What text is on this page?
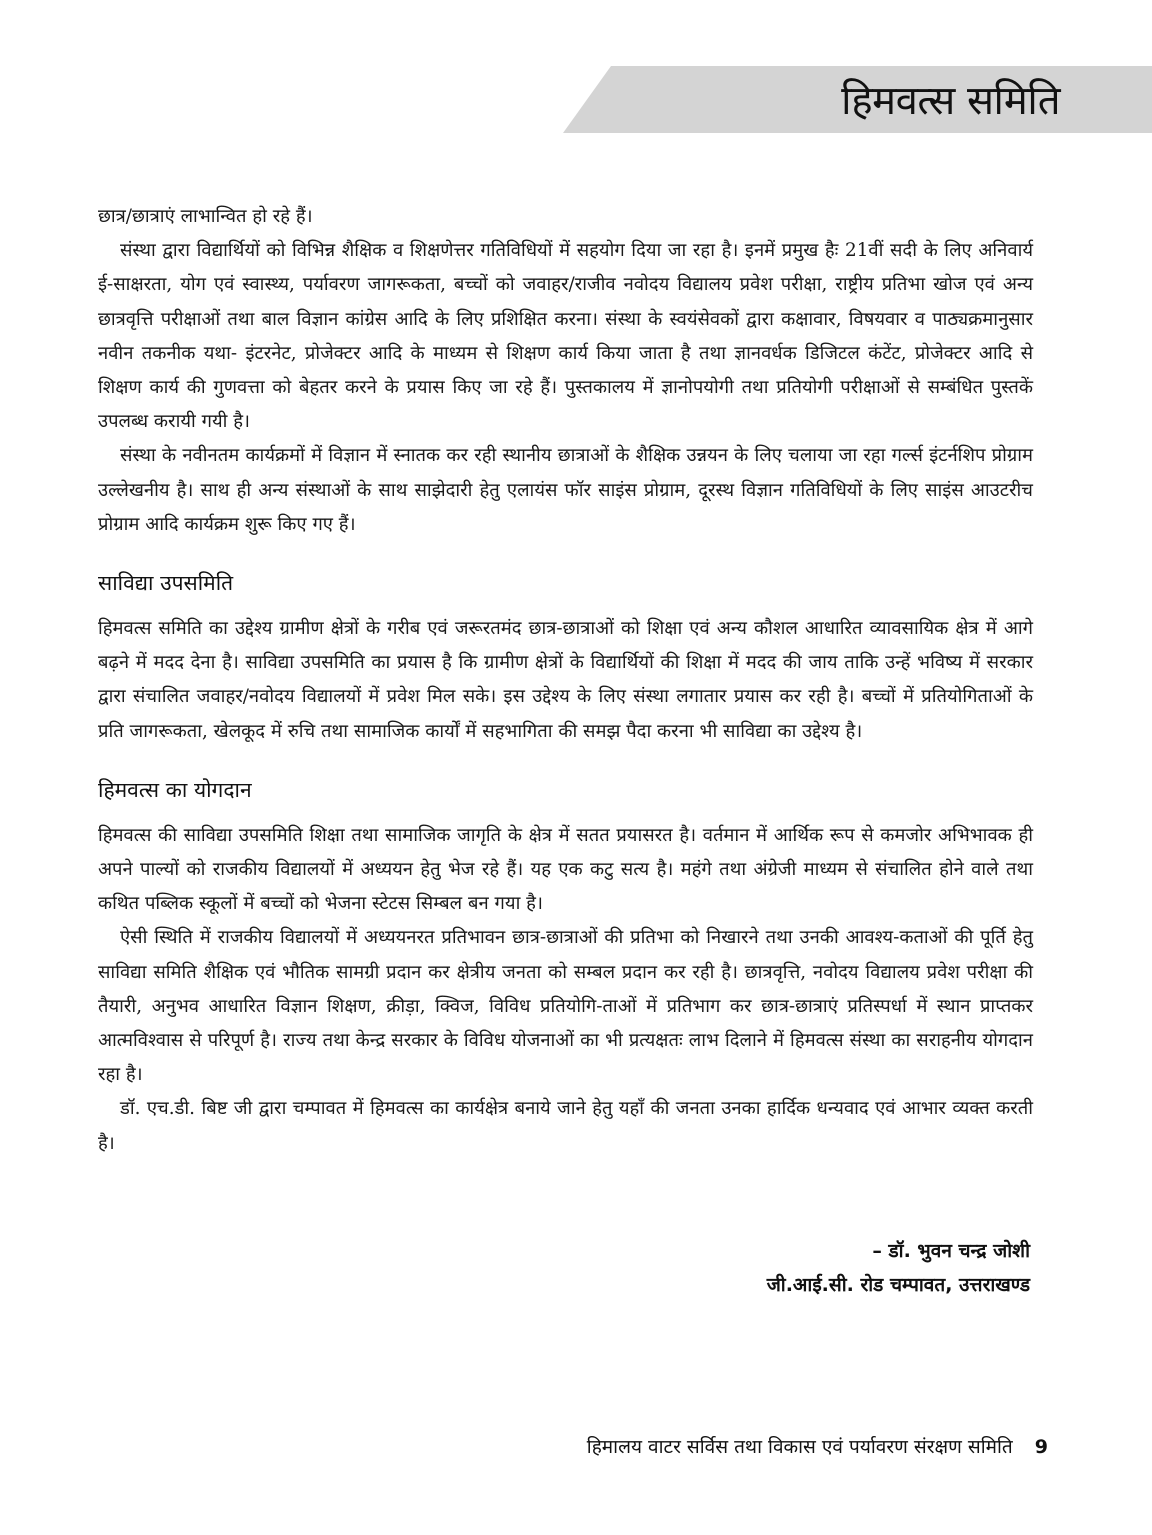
हिमवत्स समिति

छात्र/छात्राएं लाभान्वित हो रहे हैं।

संस्था द्वारा विद्यार्थियों को विभिन्न शैक्षिक व शिक्षणेत्तर गतिविधियों में सहयोग दिया जा रहा है। इनमें प्रमुख हैः 21वीं सदी के लिए अनिवार्य ई-साक्षरता, योग एवं स्वास्थ्य, पर्यावरण जागरूकता, बच्चों को जवाहर/राजीव नवोदय विद्यालय प्रवेश परीक्षा, राष्ट्रीय प्रतिभा खोज एवं अन्य छात्रवृत्ति परीक्षाओं तथा बाल विज्ञान कांग्रेस आदि के लिए प्रशिक्षित करना। संस्था के स्वयंसेवकों द्वारा कक्षावार, विषयवार व पाठ्यक्रमानुसार नवीन तकनीक यथा- इंटरनेट, प्रोजेक्टर आदि के माध्यम से शिक्षण कार्य किया जाता है तथा ज्ञानवर्धक डिजिटल कंटेंट, प्रोजेक्टर आदि से शिक्षण कार्य की गुणवत्ता को बेहतर करने के प्रयास किए जा रहे हैं। पुस्तकालय में ज्ञानोपयोगी तथा प्रतियोगी परीक्षाओं से सम्बंधित पुस्तकें उपलब्ध करायी गयी है।

संस्था के नवीनतम कार्यक्रमों में विज्ञान में स्नातक कर रही स्थानीय छात्राओं के शैक्षिक उन्नयन के लिए चलाया जा रहा गर्ल्स इंटर्नशिप प्रोग्राम उल्लेखनीय है। साथ ही अन्य संस्थाओं के साथ साझेदारी हेतु एलायंस फॉर साइंस प्रोग्राम, दूरस्थ विज्ञान गतिविधियों के लिए साइंस आउटरीच प्रोग्राम आदि कार्यक्रम शुरू किए गए हैं।

साविद्या उपसमिति

हिमवत्स समिति का उद्देश्य ग्रामीण क्षेत्रों के गरीब एवं जरूरतमंद छात्र-छात्राओं को शिक्षा एवं अन्य कौशल आधारित व्यावसायिक क्षेत्र में आगे बढ़ने में मदद देना है। साविद्या उपसमिति का प्रयास है कि ग्रामीण क्षेत्रों के विद्यार्थियों की शिक्षा में मदद की जाय ताकि उन्हें भविष्य में सरकार द्वारा संचालित जवाहर/नवोदय विद्यालयों में प्रवेश मिल सके। इस उद्देश्य के लिए संस्था लगातार प्रयास कर रही है। बच्चों में प्रतियोगिताओं के प्रति जागरूकता, खेलकूद में रुचि तथा सामाजिक कार्यों में सहभागिता की समझ पैदा करना भी साविद्या का उद्देश्य है।

हिमवत्स का योगदान

हिमवत्स की साविद्या उपसमिति शिक्षा तथा सामाजिक जागृति के क्षेत्र में सतत प्रयासरत है। वर्तमान में आर्थिक रूप से कमजोर अभिभावक ही अपने पाल्यों को राजकीय विद्यालयों में अध्ययन हेतु भेज रहे हैं। यह एक कटु सत्य है। महंगे तथा अंग्रेजी माध्यम से संचालित होने वाले तथा कथित पब्लिक स्कूलों में बच्चों को भेजना स्टेटस सिम्बल बन गया है।

ऐसी स्थिति में राजकीय विद्यालयों में अध्ययनरत प्रतिभावन छात्र-छात्राओं की प्रतिभा को निखारने तथा उनकी आवश्य-कताओं की पूर्ति हेतु साविद्या समिति शैक्षिक एवं भौतिक सामग्री प्रदान कर क्षेत्रीय जनता को सम्बल प्रदान कर रही है। छात्रवृत्ति, नवोदय विद्यालय प्रवेश परीक्षा की तैयारी, अनुभव आधारित विज्ञान शिक्षण, क्रीड़ा, क्विज, विविध प्रतियोगि-ताओं में प्रतिभाग कर छात्र-छात्राएं प्रतिस्पर्धा में स्थान प्राप्तकर आत्मविश्वास से परिपूर्ण है। राज्य तथा केन्द्र सरकार के विविध योजनाओं का भी प्रत्यक्षतः लाभ दिलाने में हिमवत्स संस्था का सराहनीय योगदान रहा है।

डॉ. एच.डी. बिष्ट जी द्वारा चम्पावत में हिमवत्स का कार्यक्षेत्र बनाये जाने हेतु यहाँ की जनता उनका हार्दिक धन्यवाद एवं आभार व्यक्त करती है।

– डॉ. भुवन चन्द्र जोशी
जी.आई.सी. रोड चम्पावत, उत्तराखण्ड
हिमालय वाटर सर्विस तथा विकास एवं पर्यावरण संरक्षण समिति 9
